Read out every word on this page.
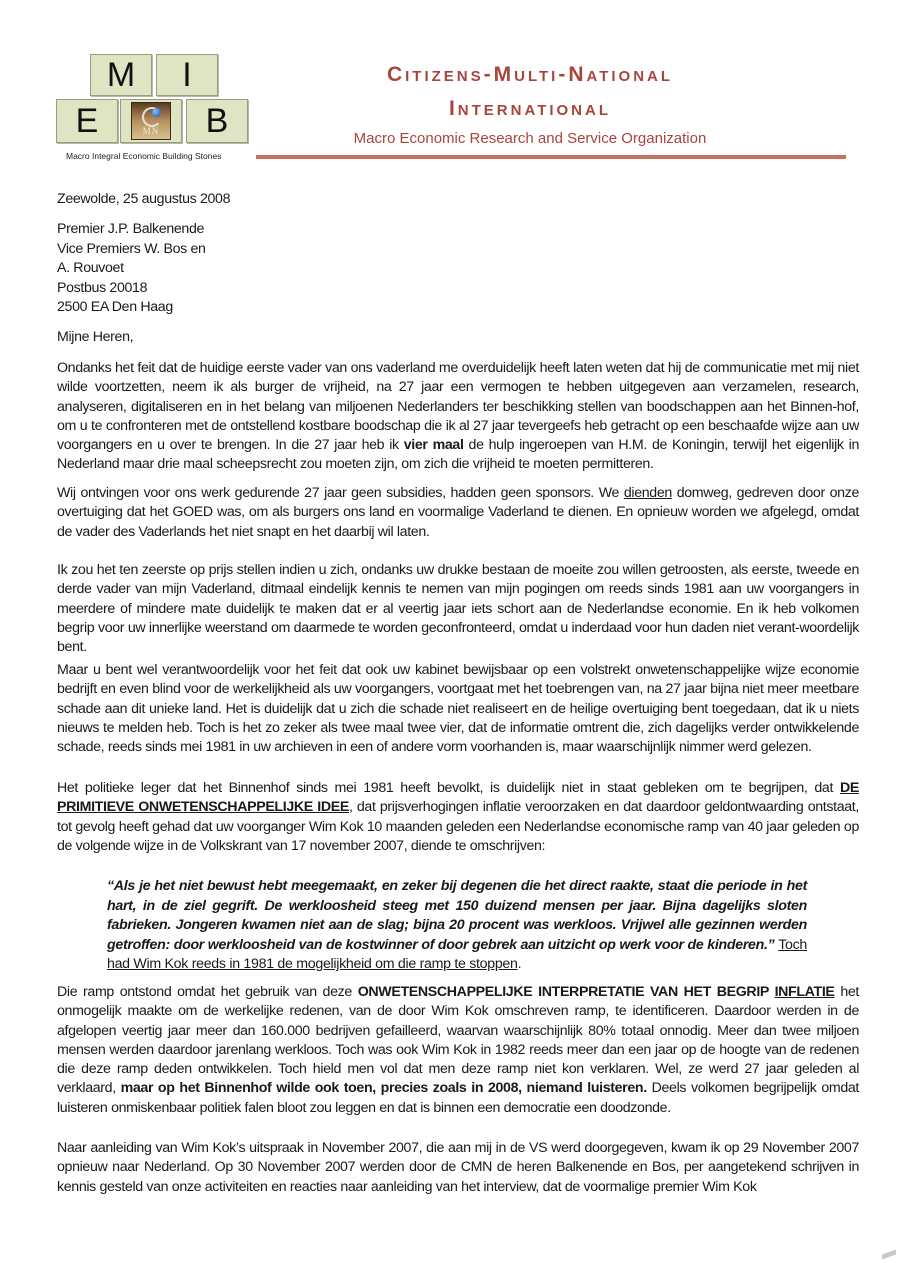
M	I
E	MN	B
Macro Integral Economic Building Stones
Citizens-Multi-National
International
Macro Economic Research and Service Organization
Zeewolde, 25 augustus 2008
Premier J.P. Balkenende
Vice Premiers W. Bos en
A. Rouvoet
Postbus 20018
2500 EA Den Haag
Mijne Heren,

Ondanks het feit dat de huidige eerste vader van ons vaderland me overduidelijk heeft laten weten dat hij de communicatie met mij niet wilde voortzetten, neem ik als burger de vrijheid, na 27 jaar een vermogen te hebben uitgegeven aan verzamelen, research, analyseren, digitaliseren en in het belang van miljoenen Nederlanders ter beschikking stellen van boodschappen aan het Binnen-hof, om u te confronteren met de ontstellend kostbare boodschap die ik al 27 jaar tevergeefs heb getracht op een beschaafde wijze aan uw voorgangers en u over te brengen. In die 27 jaar heb ik vier maal de hulp ingeroepen van H.M. de Koningin, terwijl het eigenlijk in Nederland maar drie maal scheepsrecht zou moeten zijn, om zich die vrijheid te moeten permitteren.

Wij ontvingen voor ons werk gedurende 27 jaar geen subsidies, hadden geen sponsors. We dienden domweg, gedreven door onze overtuiging dat het GOED was, om als burgers ons land en voormalige Vaderland te dienen. En opnieuw worden we afgelegd, omdat de vader des Vaderlands het niet snapt en het daarbij wil laten.

Ik zou het ten zeerste op prijs stellen indien u zich, ondanks uw drukke bestaan de moeite zou willen getroosten, als eerste, tweede en derde vader van mijn Vaderland, ditmaal eindelijk kennis te nemen van mijn pogingen om reeds sinds 1981 aan uw voorgangers in meerdere of mindere mate duidelijk te maken dat er al veertig jaar iets schort aan de Nederlandse economie. En ik heb volkomen begrip voor uw innerlijke weerstand om daarmede te worden geconfronteerd, omdat u inderdaad voor hun daden niet verant-woordelijk bent.

Maar u bent wel verantwoordelijk voor het feit dat ook uw kabinet bewijsbaar op een volstrekt onwetenschappelijke wijze economie bedrijft en even blind voor de werkelijkheid als uw voorgangers, voortgaat met het toebrengen van, na 27 jaar bijna niet meer meetbare schade aan dit unieke land. Het is duidelijk dat u zich die schade niet realiseert en de heilige overtuiging bent toegedaan, dat ik u niets nieuws te melden heb. Toch is het zo zeker als twee maal twee vier, dat de informatie omtrent die, zich dagelijks verder ontwikkelende schade, reeds sinds mei 1981 in uw archieven in een of andere vorm voorhanden is, maar waarschijnlijk nimmer werd gelezen.

Het politieke leger dat het Binnenhof sinds mei 1981 heeft bevolkt, is duidelijk niet in staat gebleken om te begrijpen, dat DE PRIMITIEVE ONWETENSCHAPPELIJKE IDEE, dat prijsverhogingen inflatie veroorzaken en dat daardoor geldontwaarding ontstaat, tot gevolg heeft gehad dat uw voorganger Wim Kok 10 maanden geleden een Nederlandse economische ramp van 40 jaar geleden op de volgende wijze in de Volkskrant van 17 november 2007, diende te omschrijven:

“Als je het niet bewust hebt meegemaakt, en zeker bij degenen die het direct raakte, staat die periode in het hart, in de ziel gegrift. De werkloosheid steeg met 150 duizend mensen per jaar. Bijna dagelijks sloten fabrieken. Jongeren kwamen niet aan de slag; bijna 20 procent was werkloos. Vrijwel alle gezinnen werden getroffen: door werkloosheid van de kostwinner of door gebrek aan uitzicht op werk voor de kinderen.” Toch had Wim Kok reeds in 1981 de mogelijkheid om die ramp te stoppen.

Die ramp ontstond omdat het gebruik van deze ONWETENSCHAPPELIJKE INTERPRETATIE VAN HET BEGRIP INFLATIE het onmogelijk maakte om de werkelijke redenen, van de door Wim Kok omschreven ramp, te identificeren. Daardoor werden in de afgelopen veertig jaar meer dan 160.000 bedrijven gefailleerd, waarvan waarschijnlijk 80% totaal onnodig. Meer dan twee miljoen mensen werden daardoor jarenlang werkloos. Toch was ook Wim Kok in 1982 reeds meer dan een jaar op de hoogte van de redenen die deze ramp deden ontwikkelen. Toch hield men vol dat men deze ramp niet kon verklaren. Wel, ze werd 27 jaar geleden al verklaard, maar op het Binnenhof wilde ook toen, precies zoals in 2008, niemand luisteren. Deels volkomen begrijpelijk omdat luisteren onmiskenbaar politiek falen bloot zou leggen en dat is binnen een democratie een doodzonde.

Naar aanleiding van Wim Kok’s uitspraak in November 2007, die aan mij in de VS werd doorgegeven, kwam ik op 29 November 2007 opnieuw naar Nederland. Op 30 November 2007 werden door de CMN de heren Balkenende en Bos, per aangetekend schrijven in kennis gesteld van onze activiteiten en reacties naar aanleiding van het interview, dat de voormalige premier Wim Kok
